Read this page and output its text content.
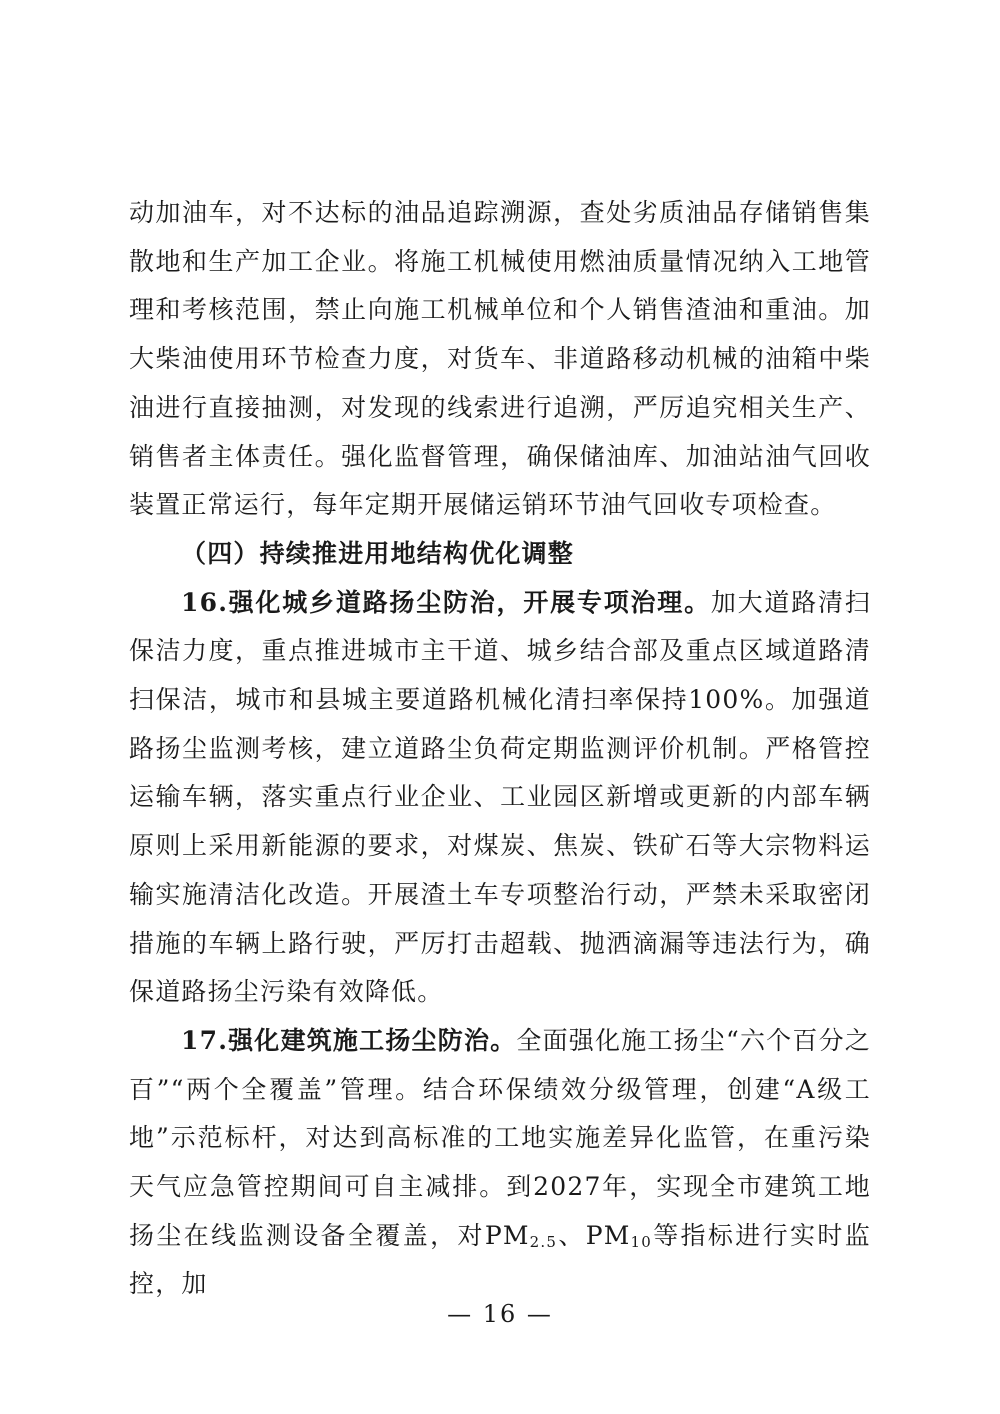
动加油车，对不达标的油品追踪溯源，查处劣质油品存储销售集散地和生产加工企业。将施工机械使用燃油质量情况纳入工地管理和考核范围，禁止向施工机械单位和个人销售渣油和重油。加大柴油使用环节检查力度，对货车、非道路移动机械的油箱中柴油进行直接抽测，对发现的线索进行追溯，严厉追究相关生产、销售者主体责任。强化监督管理，确保储油库、加油站油气回收装置正常运行，每年定期开展储运销环节油气回收专项检查。

（四）持续推进用地结构优化调整

16.强化城乡道路扬尘防治，开展专项治理。加大道路清扫保洁力度，重点推进城市主干道、城乡结合部及重点区域道路清扫保洁，城市和县城主要道路机械化清扫率保持100%。加强道路扬尘监测考核，建立道路尘负荷定期监测评价机制。严格管控运输车辆，落实重点行业企业、工业园区新增或更新的内部车辆原则上采用新能源的要求，对煤炭、焦炭、铁矿石等大宗物料运输实施清洁化改造。开展渣土车专项整治行动，严禁未采取密闭措施的车辆上路行驶，严厉打击超载、抛洒滴漏等违法行为，确保道路扬尘污染有效降低。

17.强化建筑施工扬尘防治。全面强化施工扬尘“六个百分之百”“两个全覆盖”管理。结合环保绩效分级管理，创建“A级工地”示范标杆，对达到高标准的工地实施差异化监管，在重污染天气应急管控期间可自主减排。到2027年，实现全市建筑工地扬尘在线监测设备全覆盖，对$PM_{2.5}$、$PM_{10}$等指标进行实时监控，加

— 16 —
